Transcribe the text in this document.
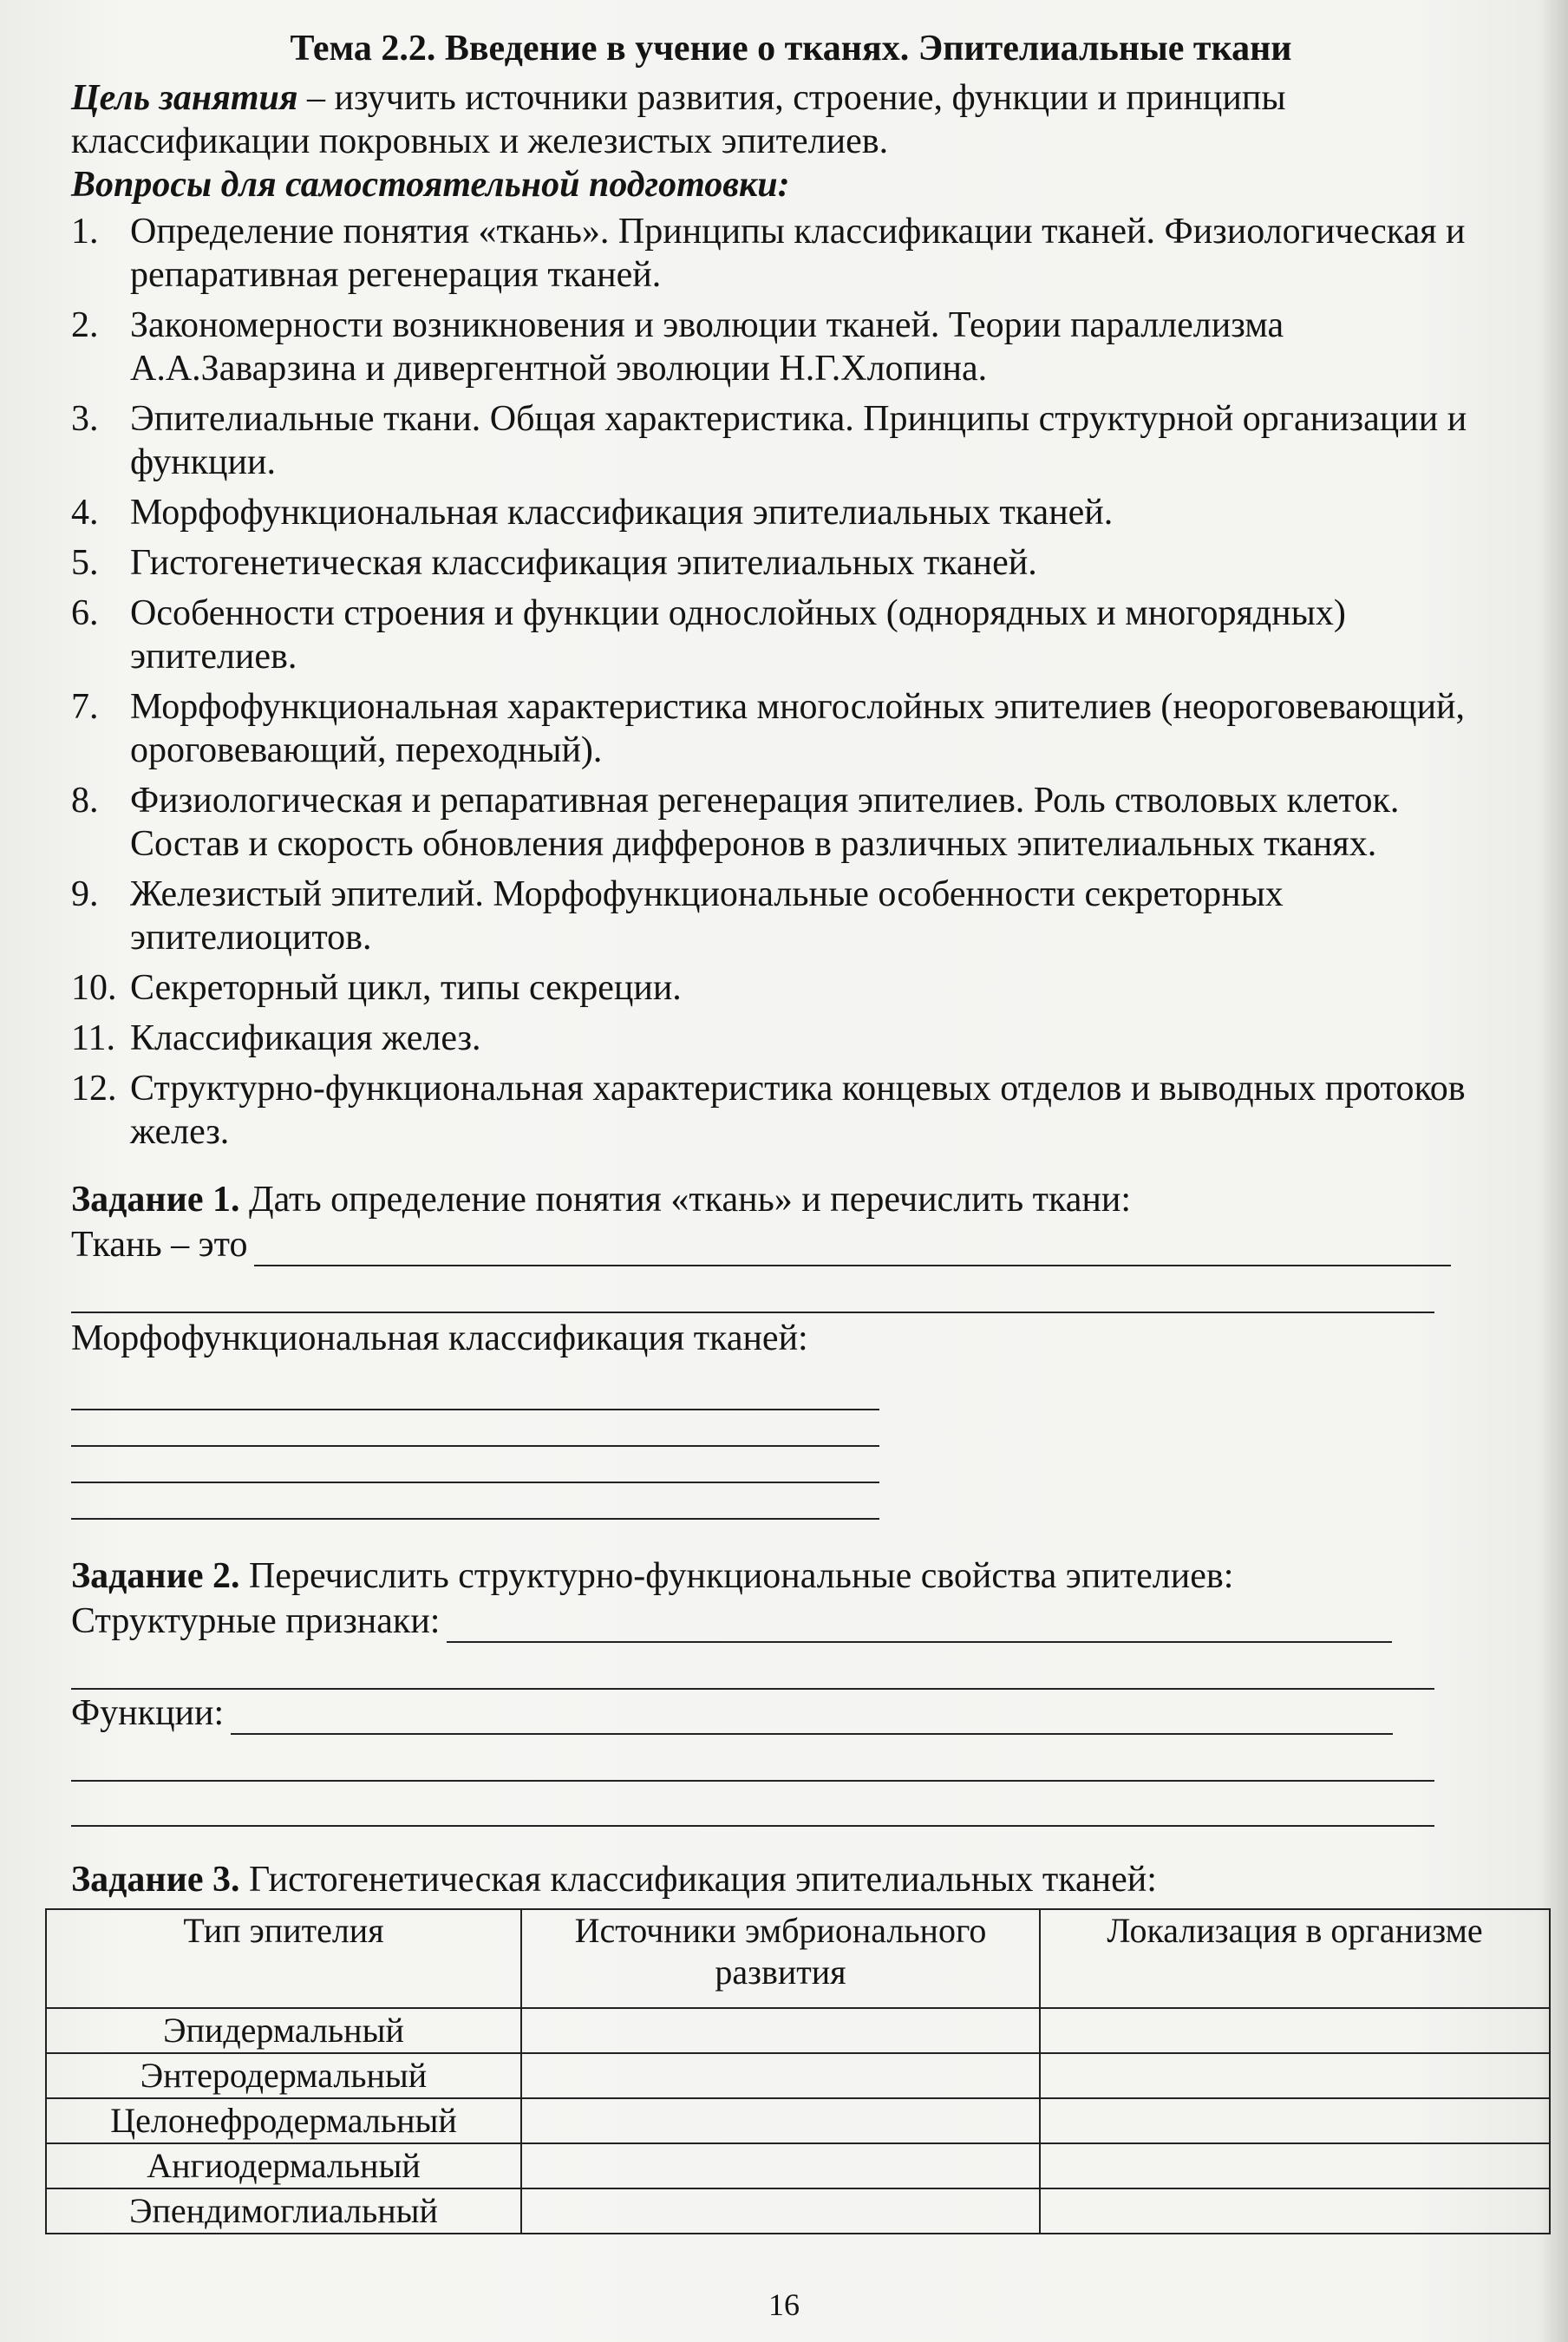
Тема 2.2. Введение в учение о тканях. Эпителиальные ткани

Цель занятия – изучить источники развития, строение, функции и принципы классификации покровных и железистых эпителиев.

Вопросы для самостоятельной подготовки:

1. Определение понятия «ткань». Принципы классификации тканей. Физиологическая и репаративная регенерация тканей.
2. Закономерности возникновения и эволюции тканей. Теории параллелизма А.А.Заварзина и дивергентной эволюции Н.Г.Хлопина.
3. Эпителиальные ткани. Общая характеристика. Принципы структурной организации и функции.
4. Морфофункциональная классификация эпителиальных тканей.
5. Гистогенетическая классификация эпителиальных тканей.
6. Особенности строения и функции однослойных (однорядных и многорядных) эпителиев.
7. Морфофункциональная характеристика многослойных эпителиев (неороговевающий, ороговевающий, переходный).
8. Физиологическая и репаративная регенерация эпителиев. Роль стволовых клеток. Состав и скорость обновления дифферонов в различных эпителиальных тканях.
9. Железистый эпителий. Морфофункциональные особенности секреторных эпителиоцитов.
10. Секреторный цикл, типы секреции.
11. Классификация желез.
12. Структурно-функциональная характеристика концевых отделов и выводных протоков желез.
Задание 1. Дать определение понятия «ткань» и перечислить ткани:
Ткань – это
Морфофункциональная классификация тканей:
Задание 2. Перечислить структурно-функциональные свойства эпителиев:
Структурные признаки:
Функции:
Задание 3. Гистогенетическая классификация эпителиальных тканей:
Тип эпителия	Источники эмбрионального развития	Локализация в организме
Эпидермальный		
Энтеродермальный		
Целонефродермальный		
Ангиодермальный		
Эпендимоглиальный		
16
